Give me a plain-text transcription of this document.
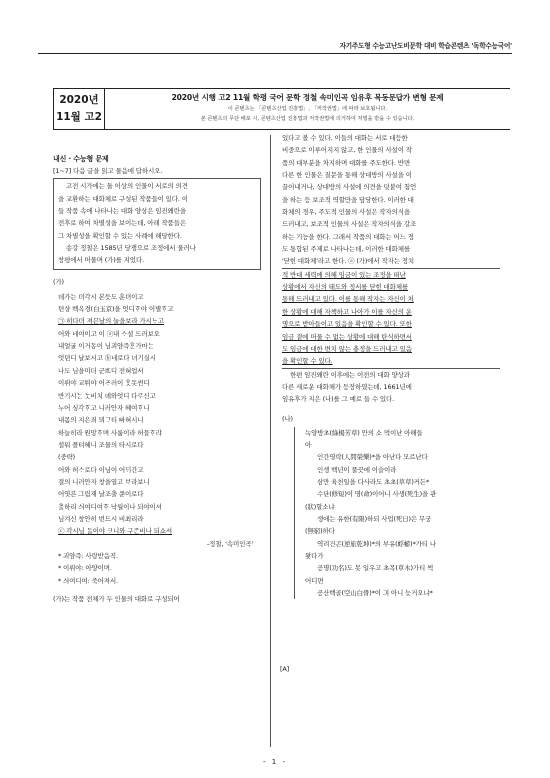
자기주도형 수능고난도비문학 대비 학습콘텐츠 '독학수능국어'
2020년
11월 고2
2020년 시행 고2 11월 학평 국어 문학 정철 속미인곡 임유후 목동문답가 변형 문제
이 콘텐츠는 「콘텐츠산업 진흥법」, 「저작권법」에 따라 보호됩니다.
본 콘텐츠의 무단 배포 시, 콘텐츠산업 진흥법과 저작권법에 의거하여 처벌을 받을 수 있습니다.
내신 · 수능형 문제
[1~7] 다음 글을 읽고 물음에 답하시오.
고전 시가에는 둘 이상의 인물이 서로의 의견
을 교환하는 대화체로 구성된 작품들이 있다. 이
들 작품 속에 나타나는 대화 양상은 임진왜란을
전후로 하여 차별성을 보이는데, 아래 작품들은
그 차별성을 확인할 수 있는 사례에 해당한다.
송강 정철은 1585년 당쟁으로 조정에서 물러나
창평에서 머물며 (가)를 지었다.
(가)
데가는 뎌각시 본듯도 훈뎌이고
텬샹 백옥경(白玉京)을 엇디ᄒᆞ야 이별ᄒᆞ고
㉠ 히다뎌 져믄날의 눌을보라 가시ᄂᆞ고
어와 네여이고 이 ⓐ내 ᄉᆞ셜 드러보오
내얼굴 이거동이 님괴얌즉ᄒᆞᆫ가마ᄂᆞᆫ
엇뎐디 날보시고 ⓑ네로다 녀기실시
나도 님을미더 군ᄠᅳ디 전혀업서
이뤼야 교튀야 어ᄌᆞ러이 ᄒᆞᆺ돗썬디
반기시ᄂᆞᆫ ᄂᆞᆺ비치 녜와엇디 다ᄅᆞ신고
누어 싱각ᄒᆞ고 니러안자 혜여ᄒᆞ니
내몸의 지은죄 뫼ᄀᆞ티 ᄡᅡ혀시니
하늘히라 원망ᄒᆞ며 사룸이라 허믈ᄒᆞ랴
셜워 플텨혜니 조물의 타시로다
(중략)
어와 허ᄉᆞ로다 이님이 어ᄃᆡ간고
결의 니러안자 창을열고 ᄇᆞ라보니
어엿븐 그림재 날조출 ᄲᅮᆫ이로다
ᄎᆞᆯ하리 싀여디여ᄒᆞ 낙월이나 되야이셔
님겨신 창안히 번드시 비최리라
ⓒ 각시님 ᄃᆞᆯ이야 ᄏᆞ니와 구ᄌᆞᆫ비나 되쇼셔
-정철, '속미인곡'
* 괴얌즉: 사랑받음직.
* 이뤼야: 아양이며.
* 싀여디여: 죽어져서.
(가)는 작품 전체가 두 인물의 대화로 구성되어
있다고 볼 수 있다. 이들의 대화는 서로 대등한
비중으로 이루어지지 않고, 한 인물의 사설이 작
품의 대부분을 차지하며 대화를 주도한다. 반면
다른 한 인물은 질문을 통해 상대방의 사설을 이
끌어내거나, 상대방의 사설에 의견을 덧붙여 첨언
을 하는 등 보조적 역할만을 담당한다. 이러한 대
화체의 경우, 주도적 인물의 사설은 작자의식을
드러내고, 보조적 인물의 사설은 작자의식을 강조
하는 기능을 한다. 그래서 작품의 대화는 어느 정
도 통합된 주제로 나타나는데, 이러한 대화체를
'닫힌 대화체'라고 한다. ⓐ (가)에서 작자는 정치
적 반대 세력에 의해 임금이 있는 조정을 떠난
상황에서 자신의 태도와 정서를 닫힌 대화체를
통해 드러내고 있다. 이를 통해 작자는 자신이 처
한 상황에 대해 자책하고 나아가 이를 자신의 운
명으로 받아들이고 있음을 확인할 수 있다. 또한
임금 곁에 머물 수 없는 상황에 대해 탄식하면서
도 임금에 대한 변치 않는 충정을 드러내고 있음
을 확인할 수 있다.
한편 임진왜란 이후에는 이전의 대화 양상과
다른 새로운 대화체가 등장하였는데, 1661년에
임유후가 지은 (나)를 그 예로 들 수 있다.
(나)
[A]
녹양방초(綠楊芳草) 안의 소 먹이난 아해들
아
인간영락(人間榮樂)*을 아난다 모르난다
인생 백년이 풀끗에 이슬이라
삼만 육천일을 다사라도 초초(草草)커든*
수단(修短)이 명(命)이어니 사생(死生)을 관
(狀)할소냐
생애는 유한(有限)하되 사업(死日)은 무궁
(無窮)하다
역려건곤(逆旅乾坤)*의 부유(蜉蝣)*가티 나
왓다가
공명(功名)도 못 일우고 초목(草木)가티 썩
어디면
공산백골(空山白骨)*이 긔 아니 늣거오냐*
- 1 -
